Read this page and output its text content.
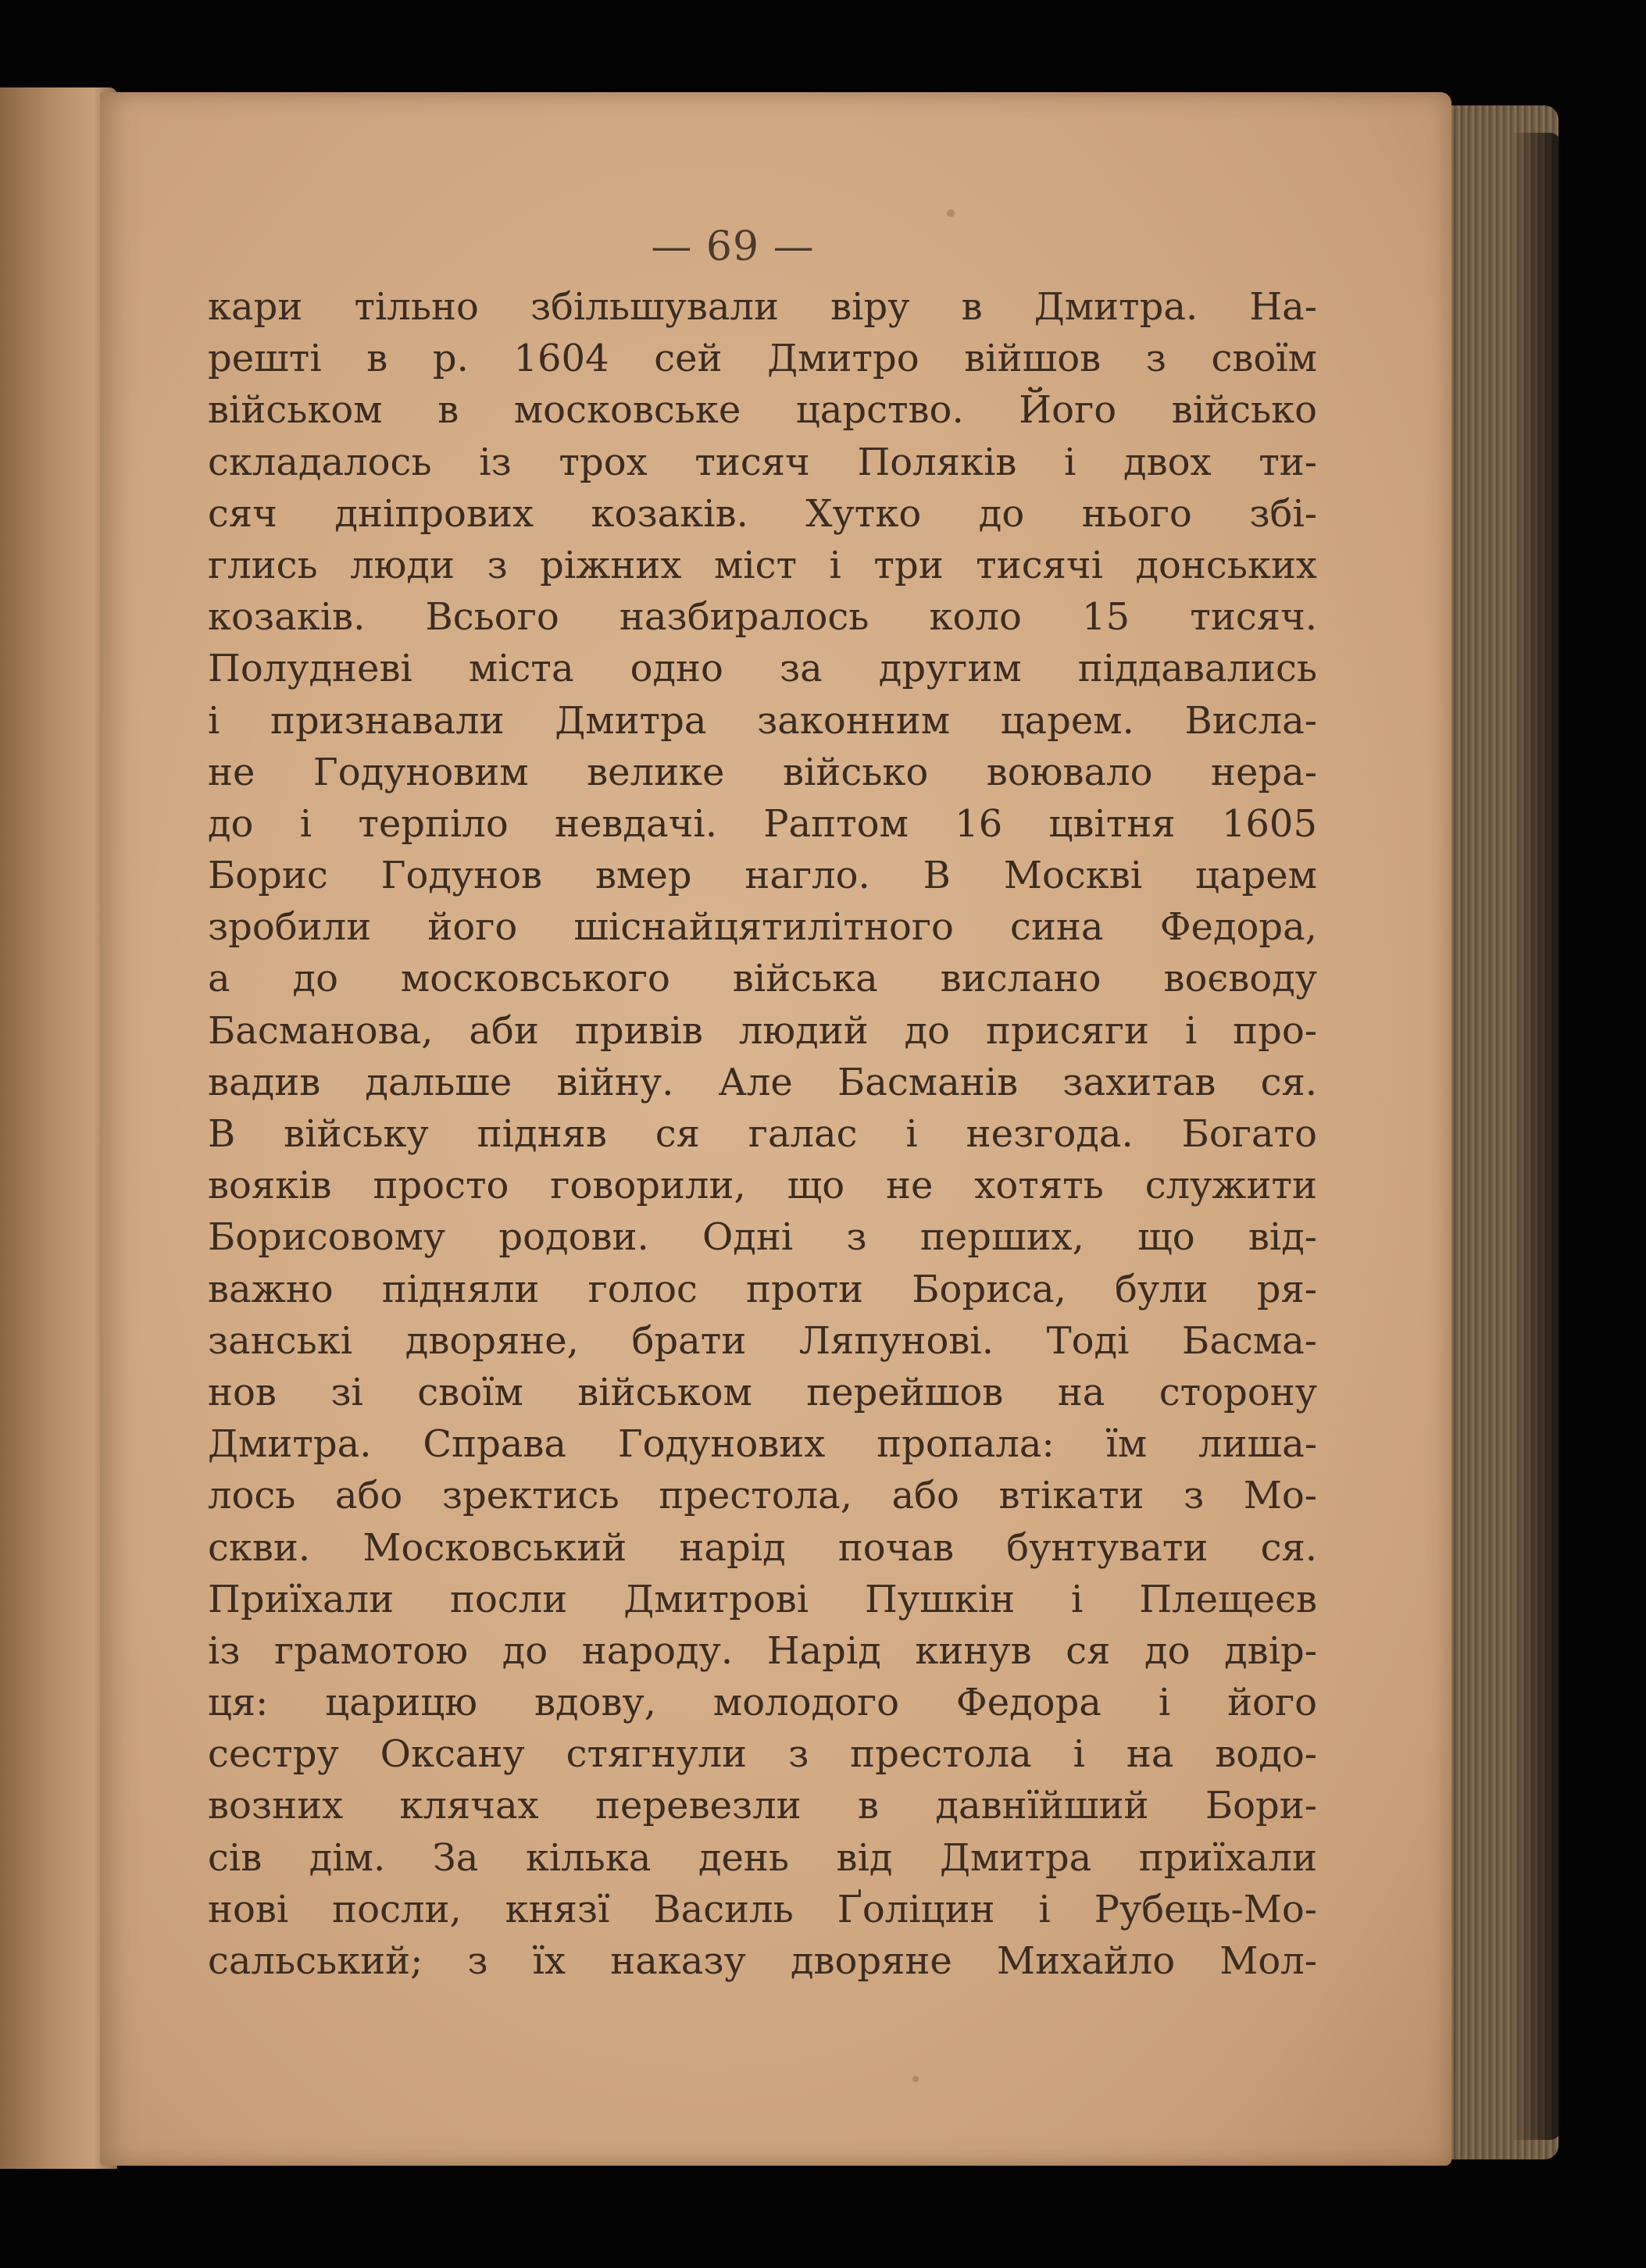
— 69 —
кари тільно збільшували віру в Дмитра. На-
решті в р. 1604 сей Дмитро війшов з своїм
військом в московське царство. Його військо
складалось із трох тисяч Поляків і двох ти-
сяч дніпрових козаків. Хутко до нього збі-
глись люди з ріжних міст і три тисячі донських
козаків. Всього назбиралось коло 15 тисяч.
Полудневі міста одно за другим піддавались
і признавали Дмитра законним царем. Висла-
не Годуновим велике військо воювало нера-
до і терпіло невдачі. Раптом 16 цвітня 1605
Борис Годунов вмер нагло. В Москві царем
зробили його шіснайцятилітного сина Федора,
а до московського війська вислано воєводу
Басманова, аби привів людий до присяги і про-
вадив дальше війну. Але Басманів захитав ся.
В війську підняв ся галас і незгода. Богато
вояків просто говорили, що не хотять служити
Борисовому родови. Одні з перших, що від-
важно підняли голос проти Бориса, були ря-
занські дворяне, брати Ляпунові. Тоді Басма-
нов зі своїм військом перейшов на сторону
Дмитра. Справа Годунових пропала: їм лиша-
лось або зректись престола, або втікати з Мо-
скви. Московський нарід почав бунтувати ся.
Приїхали посли Дмитрові Пушкін і Плещеєв
із грамотою до народу. Нарід кинув ся до двір-
ця: царицю вдову, молодого Федора і його
сестру Оксану стягнули з престола і на водо-
возних клячах перевезли в давнїйший Бори-
сів дім. За кілька день від Дмитра приїхали
нові посли, князї Василь Ґоліцин і Рубець-Мо-
сальський; з їх наказу дворяне Михайло Мол-
